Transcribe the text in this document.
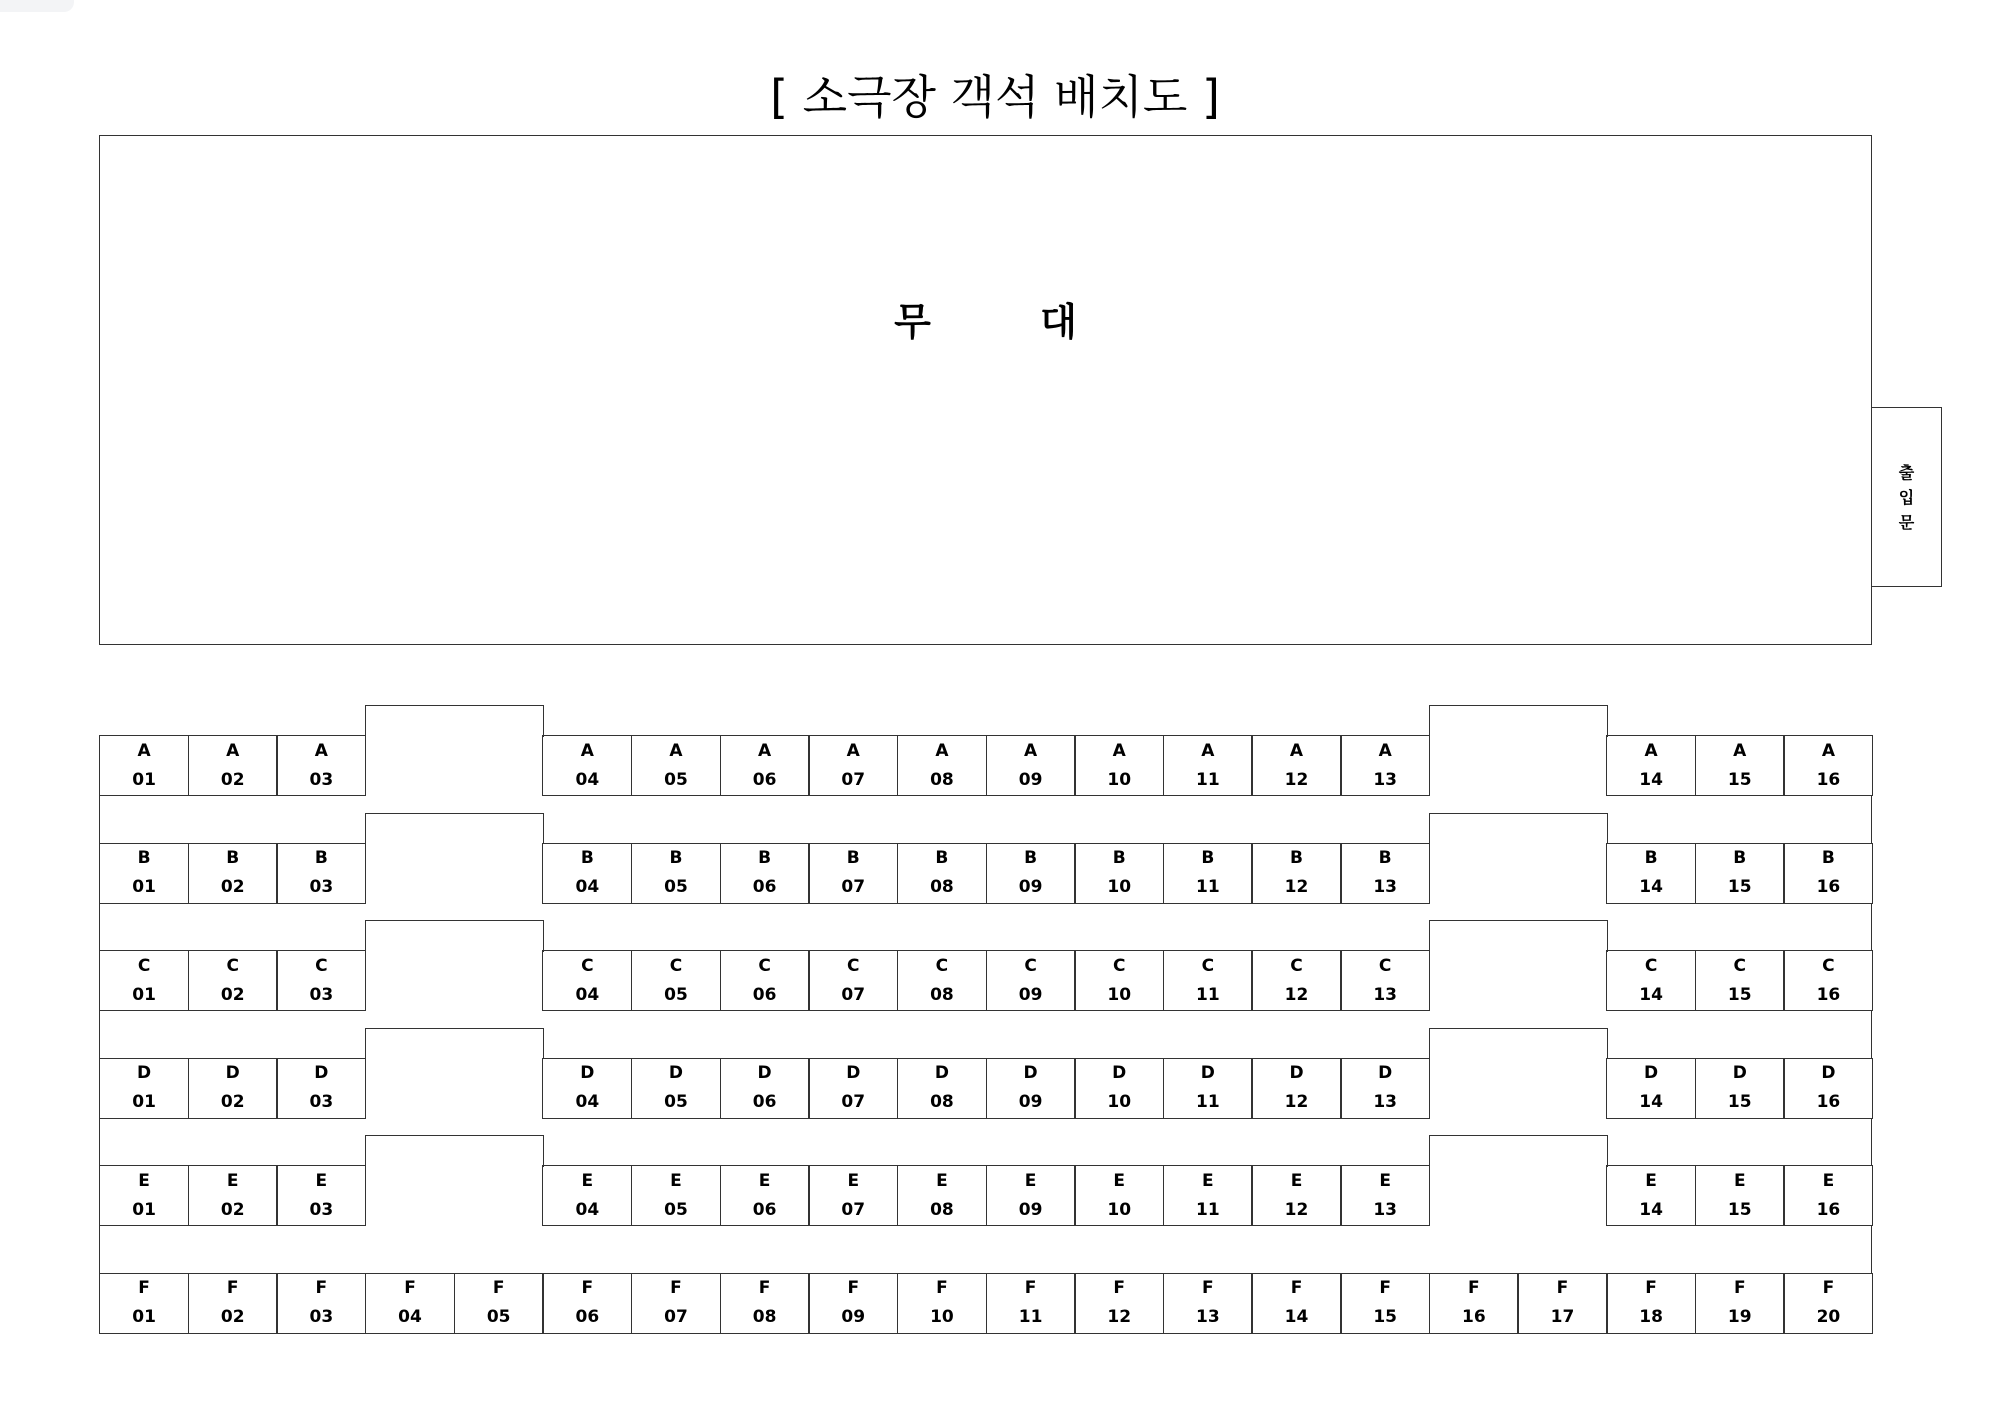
[ 소극장 객석 배치도 ]
무 대
출입문
A
01
A
02
A
03
A
04
A
05
A
06
A
07
A
08
A
09
A
10
A
11
A
12
A
13
A
14
A
15
A
16
B
01
B
02
B
03
B
04
B
05
B
06
B
07
B
08
B
09
B
10
B
11
B
12
B
13
B
14
B
15
B
16
C
01
C
02
C
03
C
04
C
05
C
06
C
07
C
08
C
09
C
10
C
11
C
12
C
13
C
14
C
15
C
16
D
01
D
02
D
03
D
04
D
05
D
06
D
07
D
08
D
09
D
10
D
11
D
12
D
13
D
14
D
15
D
16
E
01
E
02
E
03
E
04
E
05
E
06
E
07
E
08
E
09
E
10
E
11
E
12
E
13
E
14
E
15
E
16
F
01
F
02
F
03
F
04
F
05
F
06
F
07
F
08
F
09
F
10
F
11
F
12
F
13
F
14
F
15
F
16
F
17
F
18
F
19
F
20
